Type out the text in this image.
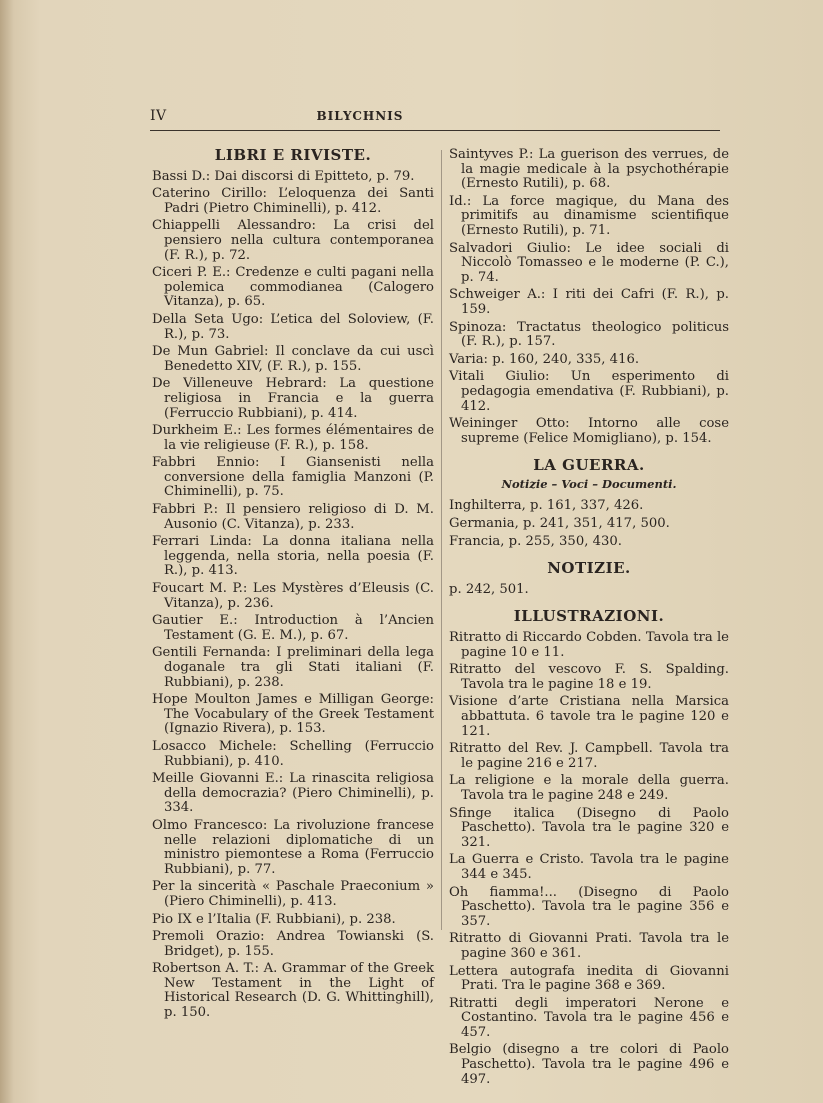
IV	BILYCHNIS
LIBRI E RIVISTE.
Bassi D.: Dai discorsi di Epitteto, p. 79.
Caterino Cirillo: L’eloquenza dei Santi Padri (Pietro Chiminelli), p. 412.
Chiappelli Alessandro: La crisi del pensiero nella cultura contemporanea (F. R.), p. 72.
Ciceri P. E.: Credenze e culti pagani nella polemica commodianea (Calogero Vitanza), p. 65.
Della Seta Ugo: L’etica del Soloview, (F. R.), p. 73.
De Mun Gabriel: Il conclave da cui uscì Benedetto XIV, (F. R.), p. 155.
De Villeneuve Hebrard: La questione religiosa in Francia e la guerra (Ferruccio Rubbiani), p. 414.
Durkheim E.: Les formes élémentaires de la vie religieuse (F. R.), p. 158.
Fabbri Ennio: I Giansenisti nella conversione della famiglia Manzoni (P. Chiminelli), p. 75.
Fabbri P.: Il pensiero religioso di D. M. Ausonio (C. Vitanza), p. 233.
Ferrari Linda: La donna italiana nella leggenda, nella storia, nella poesia (F. R.), p. 413.
Foucart M. P.: Les Mystères d’Eleusis (C. Vitanza), p. 236.
Gautier E.: Introduction à l’Ancien Testament (G. E. M.), p. 67.
Gentili Fernanda: I preliminari della lega doganale tra gli Stati italiani (F. Rubbiani), p. 238.
Hope Moulton James e Milligan George: The Vocabulary of the Greek Testament (Ignazio Rivera), p. 153.
Losacco Michele: Schelling (Ferruccio Rubbiani), p. 410.
Meille Giovanni E.: La rinascita religiosa della democrazia? (Piero Chiminelli), p. 334.
Olmo Francesco: La rivoluzione francese nelle relazioni diplomatiche di un ministro piemontese a Roma (Ferruccio Rubbiani), p. 77.
Per la sincerità « Paschale Praeconium » (Piero Chiminelli), p. 413.
Pio IX e l’Italia (F. Rubbiani), p. 238.
Premoli Orazio: Andrea Towianski (S. Bridget), p. 155.
Robertson A. T.: A. Grammar of the Greek New Testament in the Light of Historical Research (D. G. Whittinghill), p. 150.
Saintyves P.: La guerison des verrues, de la magie medicale à la psychothérapie (Ernesto Rutili), p. 68.
Id.: La force magique, du Mana des primitifs au dinamisme scientifique (Ernesto Rutili), p. 71.
Salvadori Giulio: Le idee sociali di Niccolò Tomasseo e le moderne (P. C.), p. 74.
Schweiger A.: I riti dei Cafri (F. R.), p. 159.
Spinoza: Tractatus theologico politicus (F. R.), p. 157.
Varia: p. 160, 240, 335, 416.
Vitali Giulio: Un esperimento di pedagogia emendativa (F. Rubbiani), p. 412.
Weininger Otto: Intorno alle cose supreme (Felice Momigliano), p. 154.
LA GUERRA.
Notizie – Voci – Documenti.
Inghilterra, p. 161, 337, 426.
Germania, p. 241, 351, 417, 500.
Francia, p. 255, 350, 430.
NOTIZIE.
p. 242, 501.
ILLUSTRAZIONI.
Ritratto di Riccardo Cobden. Tavola tra le pagine 10 e 11.
Ritratto del vescovo F. S. Spalding. Tavola tra le pagine 18 e 19.
Visione d’arte Cristiana nella Marsica abbattuta. 6 tavole tra le pagine 120 e 121.
Ritratto del Rev. J. Campbell. Tavola tra le pagine 216 e 217.
La religione e la morale della guerra. Tavola tra le pagine 248 e 249.
Sfinge italica (Disegno di Paolo Paschetto). Tavola tra le pagine 320 e 321.
La Guerra e Cristo. Tavola tra le pagine 344 e 345.
Oh fiamma!... (Disegno di Paolo Paschetto). Tavola tra le pagine 356 e 357.
Ritratto di Giovanni Prati. Tavola tra le pagine 360 e 361.
Lettera autografa inedita di Giovanni Prati. Tra le pagine 368 e 369.
Ritratti degli imperatori Nerone e Costantino. Tavola tra le pagine 456 e 457.
Belgio (disegno a tre colori di Paolo Paschetto). Tavola tra le pagine 496 e 497.
